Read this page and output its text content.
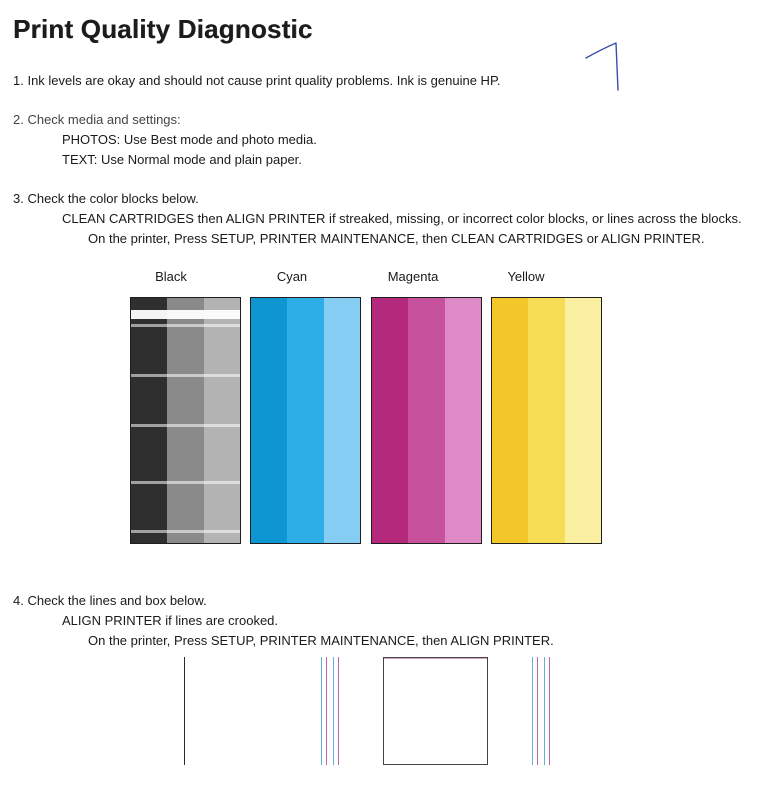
Print Quality Diagnostic
1. Ink levels are okay and should not cause print quality problems. Ink is genuine HP.
2. Check media and settings:
PHOTOS: Use Best mode and photo media.
TEXT: Use Normal mode and plain paper.
3. Check the color blocks below.
CLEAN CARTRIDGES then ALIGN PRINTER if streaked, missing, or incorrect color blocks, or lines across the blocks.
On the printer, Press SETUP, PRINTER MAINTENANCE, then CLEAN CARTRIDGES or ALIGN PRINTER.
Black	Cyan	Magenta	Yellow
4. Check the lines and box below.
ALIGN PRINTER if lines are crooked.
On the printer, Press SETUP, PRINTER MAINTENANCE, then ALIGN PRINTER.
